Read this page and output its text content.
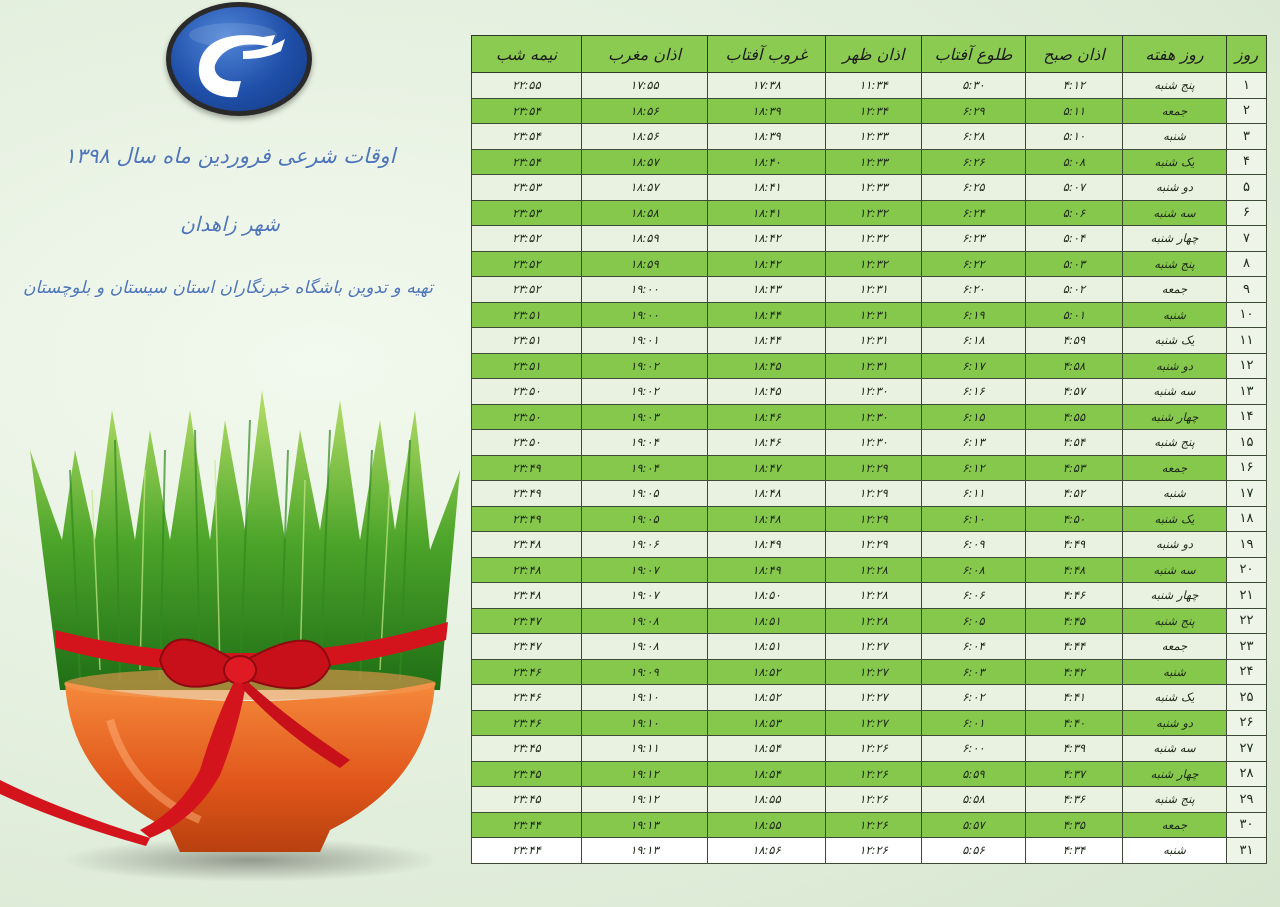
اوقات شرعی فروردین ماه سال ۱۳۹۸
شهر زاهدان
تهیه و تدوین باشگاه خبرنگاران استان سیستان و بلوچستان
روز	روز هفته	اذان صبح	طلوع آفتاب	اذان ظهر	غروب آفتاب	اذان مغرب	نیمه شب
۱	پنج شنبه	۴:۱۲	۵:۳۰	۱۱:۳۴	۱۷:۳۸	۱۷:۵۵	۲۲:۵۵
۲	جمعه	۵:۱۱	۶:۲۹	۱۲:۳۴	۱۸:۳۹	۱۸:۵۶	۲۳:۵۴
۳	شنبه	۵:۱۰	۶:۲۸	۱۲:۳۳	۱۸:۳۹	۱۸:۵۶	۲۳:۵۴
۴	یک شنبه	۵:۰۸	۶:۲۶	۱۲:۳۳	۱۸:۴۰	۱۸:۵۷	۲۳:۵۴
۵	دو شنبه	۵:۰۷	۶:۲۵	۱۲:۳۳	۱۸:۴۱	۱۸:۵۷	۲۳:۵۳
۶	سه شنبه	۵:۰۶	۶:۲۴	۱۲:۳۲	۱۸:۴۱	۱۸:۵۸	۲۳:۵۳
۷	چهار شنبه	۵:۰۴	۶:۲۳	۱۲:۳۲	۱۸:۴۲	۱۸:۵۹	۲۳:۵۲
۸	پنج شنبه	۵:۰۳	۶:۲۲	۱۲:۳۲	۱۸:۴۲	۱۸:۵۹	۲۳:۵۲
۹	جمعه	۵:۰۲	۶:۲۰	۱۲:۳۱	۱۸:۴۳	۱۹:۰۰	۲۳:۵۲
۱۰	شنبه	۵:۰۱	۶:۱۹	۱۲:۳۱	۱۸:۴۴	۱۹:۰۰	۲۳:۵۱
۱۱	یک شنبه	۴:۵۹	۶:۱۸	۱۲:۳۱	۱۸:۴۴	۱۹:۰۱	۲۳:۵۱
۱۲	دو شنبه	۴:۵۸	۶:۱۷	۱۲:۳۱	۱۸:۴۵	۱۹:۰۲	۲۳:۵۱
۱۳	سه شنبه	۴:۵۷	۶:۱۶	۱۲:۳۰	۱۸:۴۵	۱۹:۰۲	۲۳:۵۰
۱۴	چهار شنبه	۴:۵۵	۶:۱۵	۱۲:۳۰	۱۸:۴۶	۱۹:۰۳	۲۳:۵۰
۱۵	پنج شنبه	۴:۵۴	۶:۱۳	۱۲:۳۰	۱۸:۴۶	۱۹:۰۴	۲۳:۵۰
۱۶	جمعه	۴:۵۳	۶:۱۲	۱۲:۲۹	۱۸:۴۷	۱۹:۰۴	۲۳:۴۹
۱۷	شنبه	۴:۵۲	۶:۱۱	۱۲:۲۹	۱۸:۴۸	۱۹:۰۵	۲۳:۴۹
۱۸	یک شنبه	۴:۵۰	۶:۱۰	۱۲:۲۹	۱۸:۴۸	۱۹:۰۵	۲۳:۴۹
۱۹	دو شنبه	۴:۴۹	۶:۰۹	۱۲:۲۹	۱۸:۴۹	۱۹:۰۶	۲۳:۴۸
۲۰	سه شنبه	۴:۴۸	۶:۰۸	۱۲:۲۸	۱۸:۴۹	۱۹:۰۷	۲۳:۴۸
۲۱	چهار شنبه	۴:۴۶	۶:۰۶	۱۲:۲۸	۱۸:۵۰	۱۹:۰۷	۲۳:۴۸
۲۲	پنج شنبه	۴:۴۵	۶:۰۵	۱۲:۲۸	۱۸:۵۱	۱۹:۰۸	۲۳:۴۷
۲۳	جمعه	۴:۴۴	۶:۰۴	۱۲:۲۷	۱۸:۵۱	۱۹:۰۸	۲۳:۴۷
۲۴	شنبه	۴:۴۲	۶:۰۳	۱۲:۲۷	۱۸:۵۲	۱۹:۰۹	۲۳:۴۶
۲۵	یک شنبه	۴:۴۱	۶:۰۲	۱۲:۲۷	۱۸:۵۲	۱۹:۱۰	۲۳:۴۶
۲۶	دو شنبه	۴:۴۰	۶:۰۱	۱۲:۲۷	۱۸:۵۳	۱۹:۱۰	۲۳:۴۶
۲۷	سه شنبه	۴:۳۹	۶:۰۰	۱۲:۲۶	۱۸:۵۴	۱۹:۱۱	۲۳:۴۵
۲۸	چهار شنبه	۴:۳۷	۵:۵۹	۱۲:۲۶	۱۸:۵۴	۱۹:۱۲	۲۳:۴۵
۲۹	پنج شنبه	۴:۳۶	۵:۵۸	۱۲:۲۶	۱۸:۵۵	۱۹:۱۲	۲۳:۴۵
۳۰	جمعه	۴:۳۵	۵:۵۷	۱۲:۲۶	۱۸:۵۵	۱۹:۱۳	۲۳:۴۴
۳۱	شنبه	۴:۳۴	۵:۵۶	۱۲:۲۶	۱۸:۵۶	۱۹:۱۳	۲۳:۴۴
